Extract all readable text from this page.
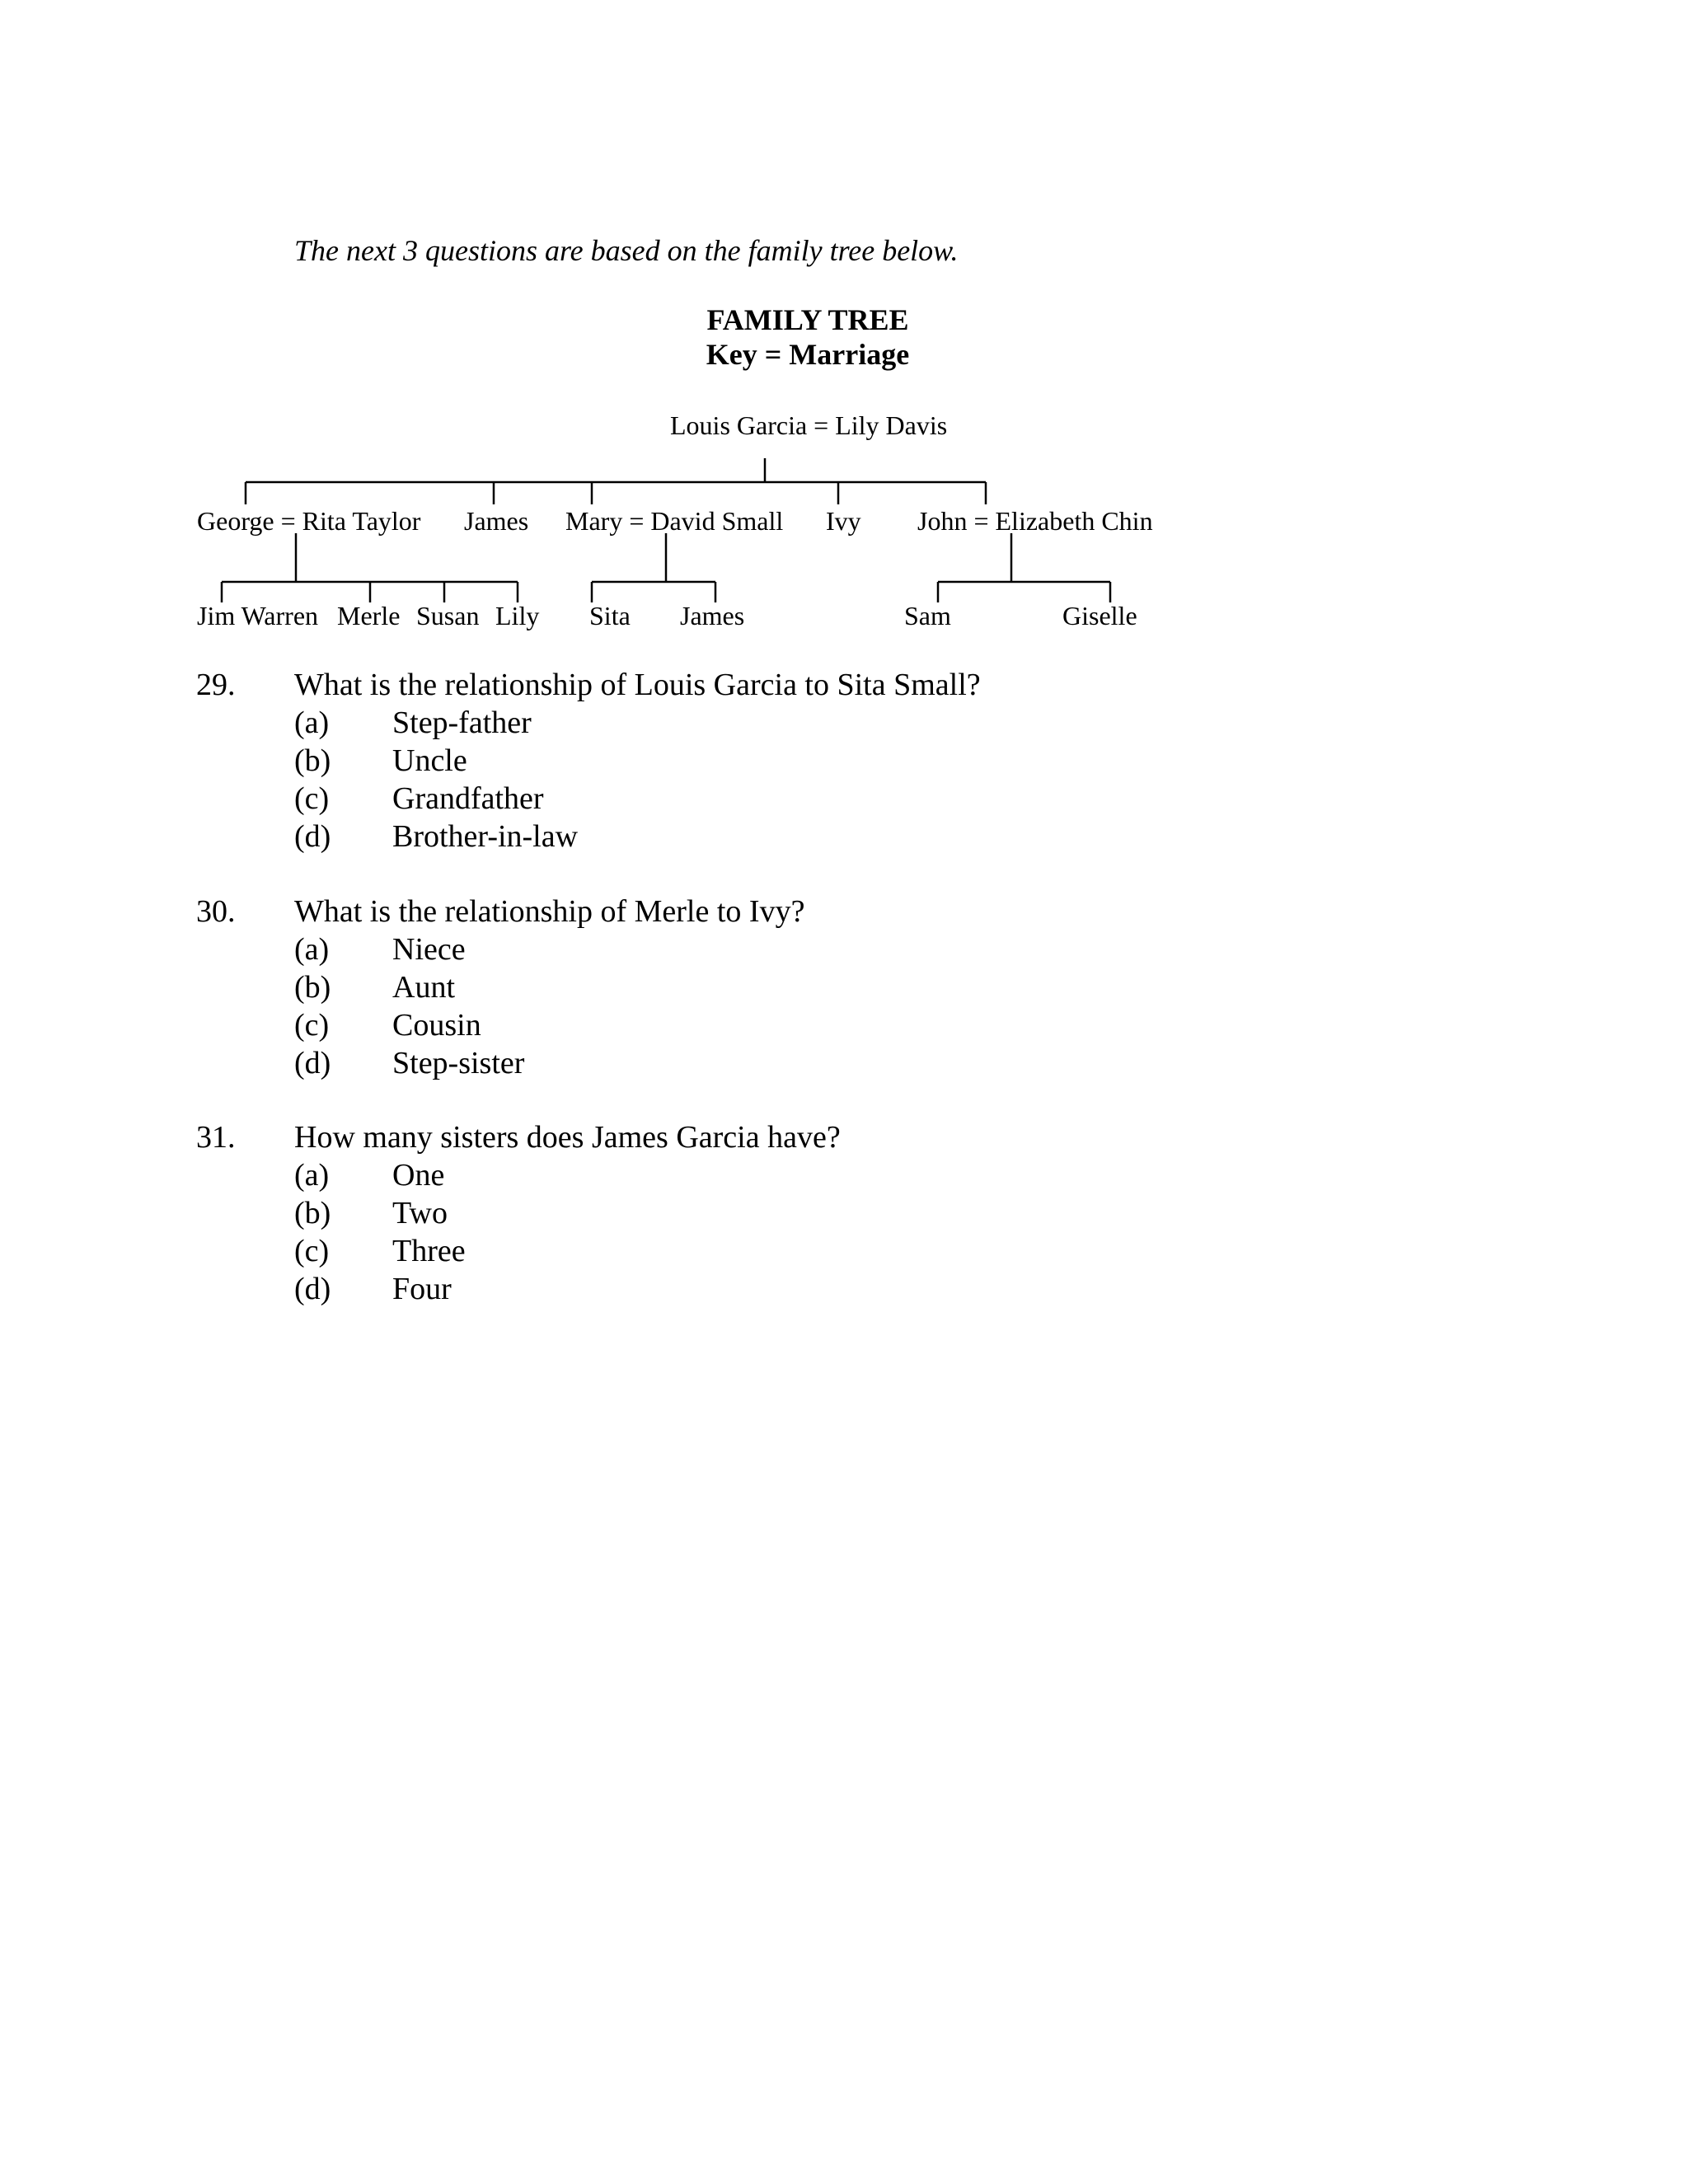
The next 3 questions are based on the family tree below.
FAMILY TREE
Key = Marriage
Louis Garcia = Lily Davis
George = Rita Taylor James Mary = David Small Ivy John = Elizabeth Chin
Jim Warren Merle Susan Lily Sita James	Sam	Giselle
29. What is the relationship of Louis Garcia to Sita Small?
(a) Step-father
(b) Uncle
(c) Grandfather
(d) Brother-in-law
30. What is the relationship of Merle to Ivy?
(a) Niece
(b) Aunt
(c) Cousin
(d) Step-sister
31. How many sisters does James Garcia have?
(a) One
(b) Two
(c) Three
(d) Four
